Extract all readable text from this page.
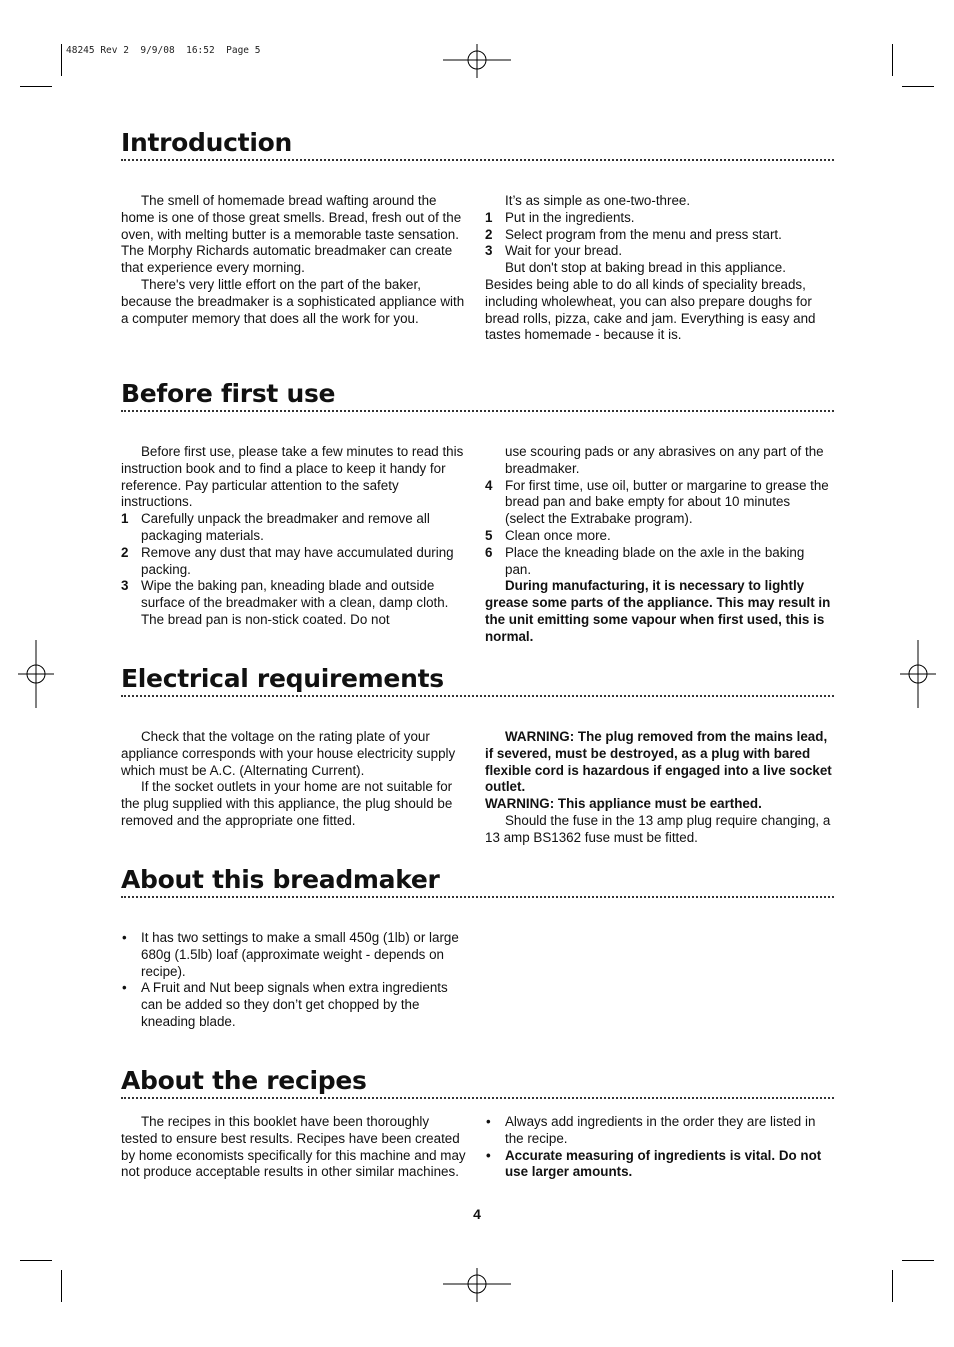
48245 Rev 2  9/9/08  16:52  Page 5
Introduction

The smell of homemade bread wafting around the home is one of those great smells. Bread, fresh out of the oven, with melting butter is a memorable taste sensation. The Morphy Richards automatic breadmaker can create that experience every morning.

There's very little effort on the part of the baker, because the breadmaker is a sophisticated appliance with a computer memory that does all the work for you.

It’s as simple as one-two-three.

1 Put in the ingredients.
2 Select program from the menu and press start.
3 Wait for your bread.

But don't stop at baking bread in this appliance. Besides being able to do all kinds of speciality breads, including wholewheat, you can also prepare doughs for bread rolls, pizza, cake and jam. Everything is easy and tastes homemade - because it is.

Before first use

Before first use, please take a few minutes to read this instruction book and to find a place to keep it handy for reference. Pay particular attention to the safety instructions.

1 Carefully unpack the breadmaker and remove all packaging materials.
2 Remove any dust that may have accumulated during packing.
3 Wipe the baking pan, kneading blade and outside surface of the breadmaker with a clean, damp cloth. The bread pan is non-stick coated. Do not
use scouring pads or any abrasives on any part of the breadmaker.
4 For first time, use oil, butter or margarine to grease the bread pan and bake empty for about 10 minutes (select the Extrabake program).
5 Clean once more.
6 Place the kneading blade on the axle in the baking pan.

During manufacturing, it is necessary to lightly grease some parts of the appliance. This may result in the unit emitting some vapour when first used, this is normal.

Electrical requirements

Check that the voltage on the rating plate of your appliance corresponds with your house electricity supply which must be A.C. (Alternating Current).

If the socket outlets in your home are not suitable for the plug supplied with this appliance, the plug should be removed and the appropriate one fitted.

WARNING: The plug removed from the mains lead, if severed, must be destroyed, as a plug with bared flexible cord is hazardous if engaged into a live socket outlet.

WARNING: This appliance must be earthed.

Should the fuse in the 13 amp plug require changing, a 13 amp BS1362 fuse must be fitted.

About this breadmaker
• It has two settings to make a small 450g (1lb) or large 680g (1.5lb) loaf (approximate weight - depends on recipe).
• A Fruit and Nut beep signals when extra ingredients can be added so they don’t get chopped by the kneading blade.
About the recipes

The recipes in this booklet have been thoroughly tested to ensure best results. Recipes have been created by home economists specifically for this machine and may not produce acceptable results in other similar machines.

• Always add ingredients in the order they are listed in the recipe.
• Accurate measuring of ingredients is vital. Do not use larger amounts.
4
